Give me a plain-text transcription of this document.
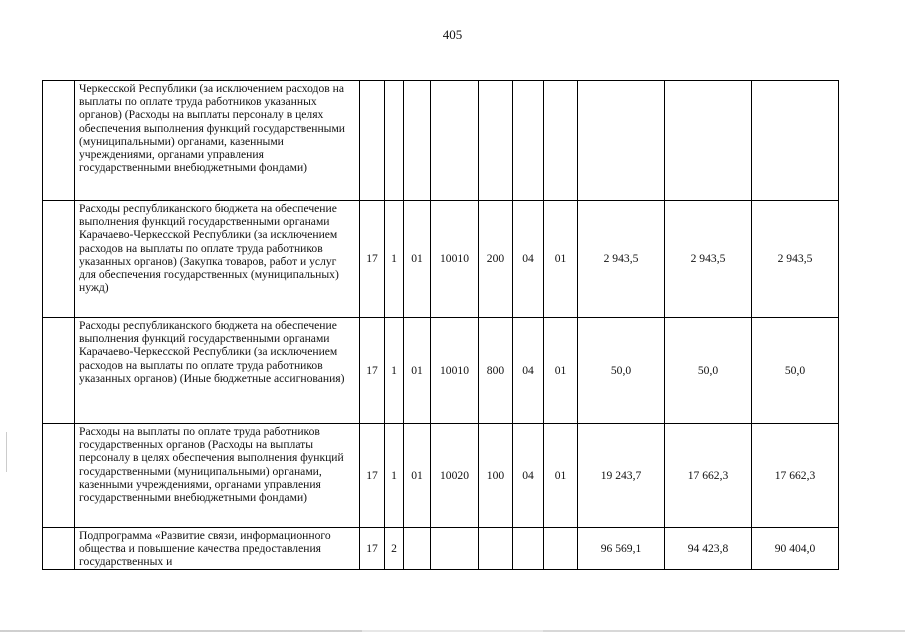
405
	Черкесской Республики (за исключением расходов на выплаты по оплате труда работников указанных органов) (Расходы на выплаты персоналу в целях обеспечения выполнения функций государственными (муниципальными) органами, казенными учреждениями, органами управления государственными внебюджетными фондами)										
	Расходы республиканского бюджета на обеспечение выполнения функций государственными органами Карачаево-Черкесской Республики (за исключением расходов на выплаты по оплате труда работников указанных органов) (Закупка товаров, работ и услуг для обеспечения государственных (муниципальных) нужд)	17	1	01	10010	200	04	01	2 943,5	2 943,5	2 943,5
	Расходы республиканского бюджета на обеспечение выполнения функций государственными органами Карачаево-Черкесской Республики (за исключением расходов на выплаты по оплате труда работников указанных органов) (Иные бюджетные ассигнования)	17	1	01	10010	800	04	01	50,0	50,0	50,0
	Расходы на выплаты по оплате труда работников государственных органов (Расходы на выплаты персоналу в целях обеспечения выполнения функций государственными (муниципальными) органами, казенными учреждениями, органами управления государственными внебюджетными фондами)	17	1	01	10020	100	04	01	19 243,7	17 662,3	17 662,3
	Подпрограмма «Развитие связи, информационного общества и повышение качества предоставления государственных и	17	2						96 569,1	94 423,8	90 404,0
